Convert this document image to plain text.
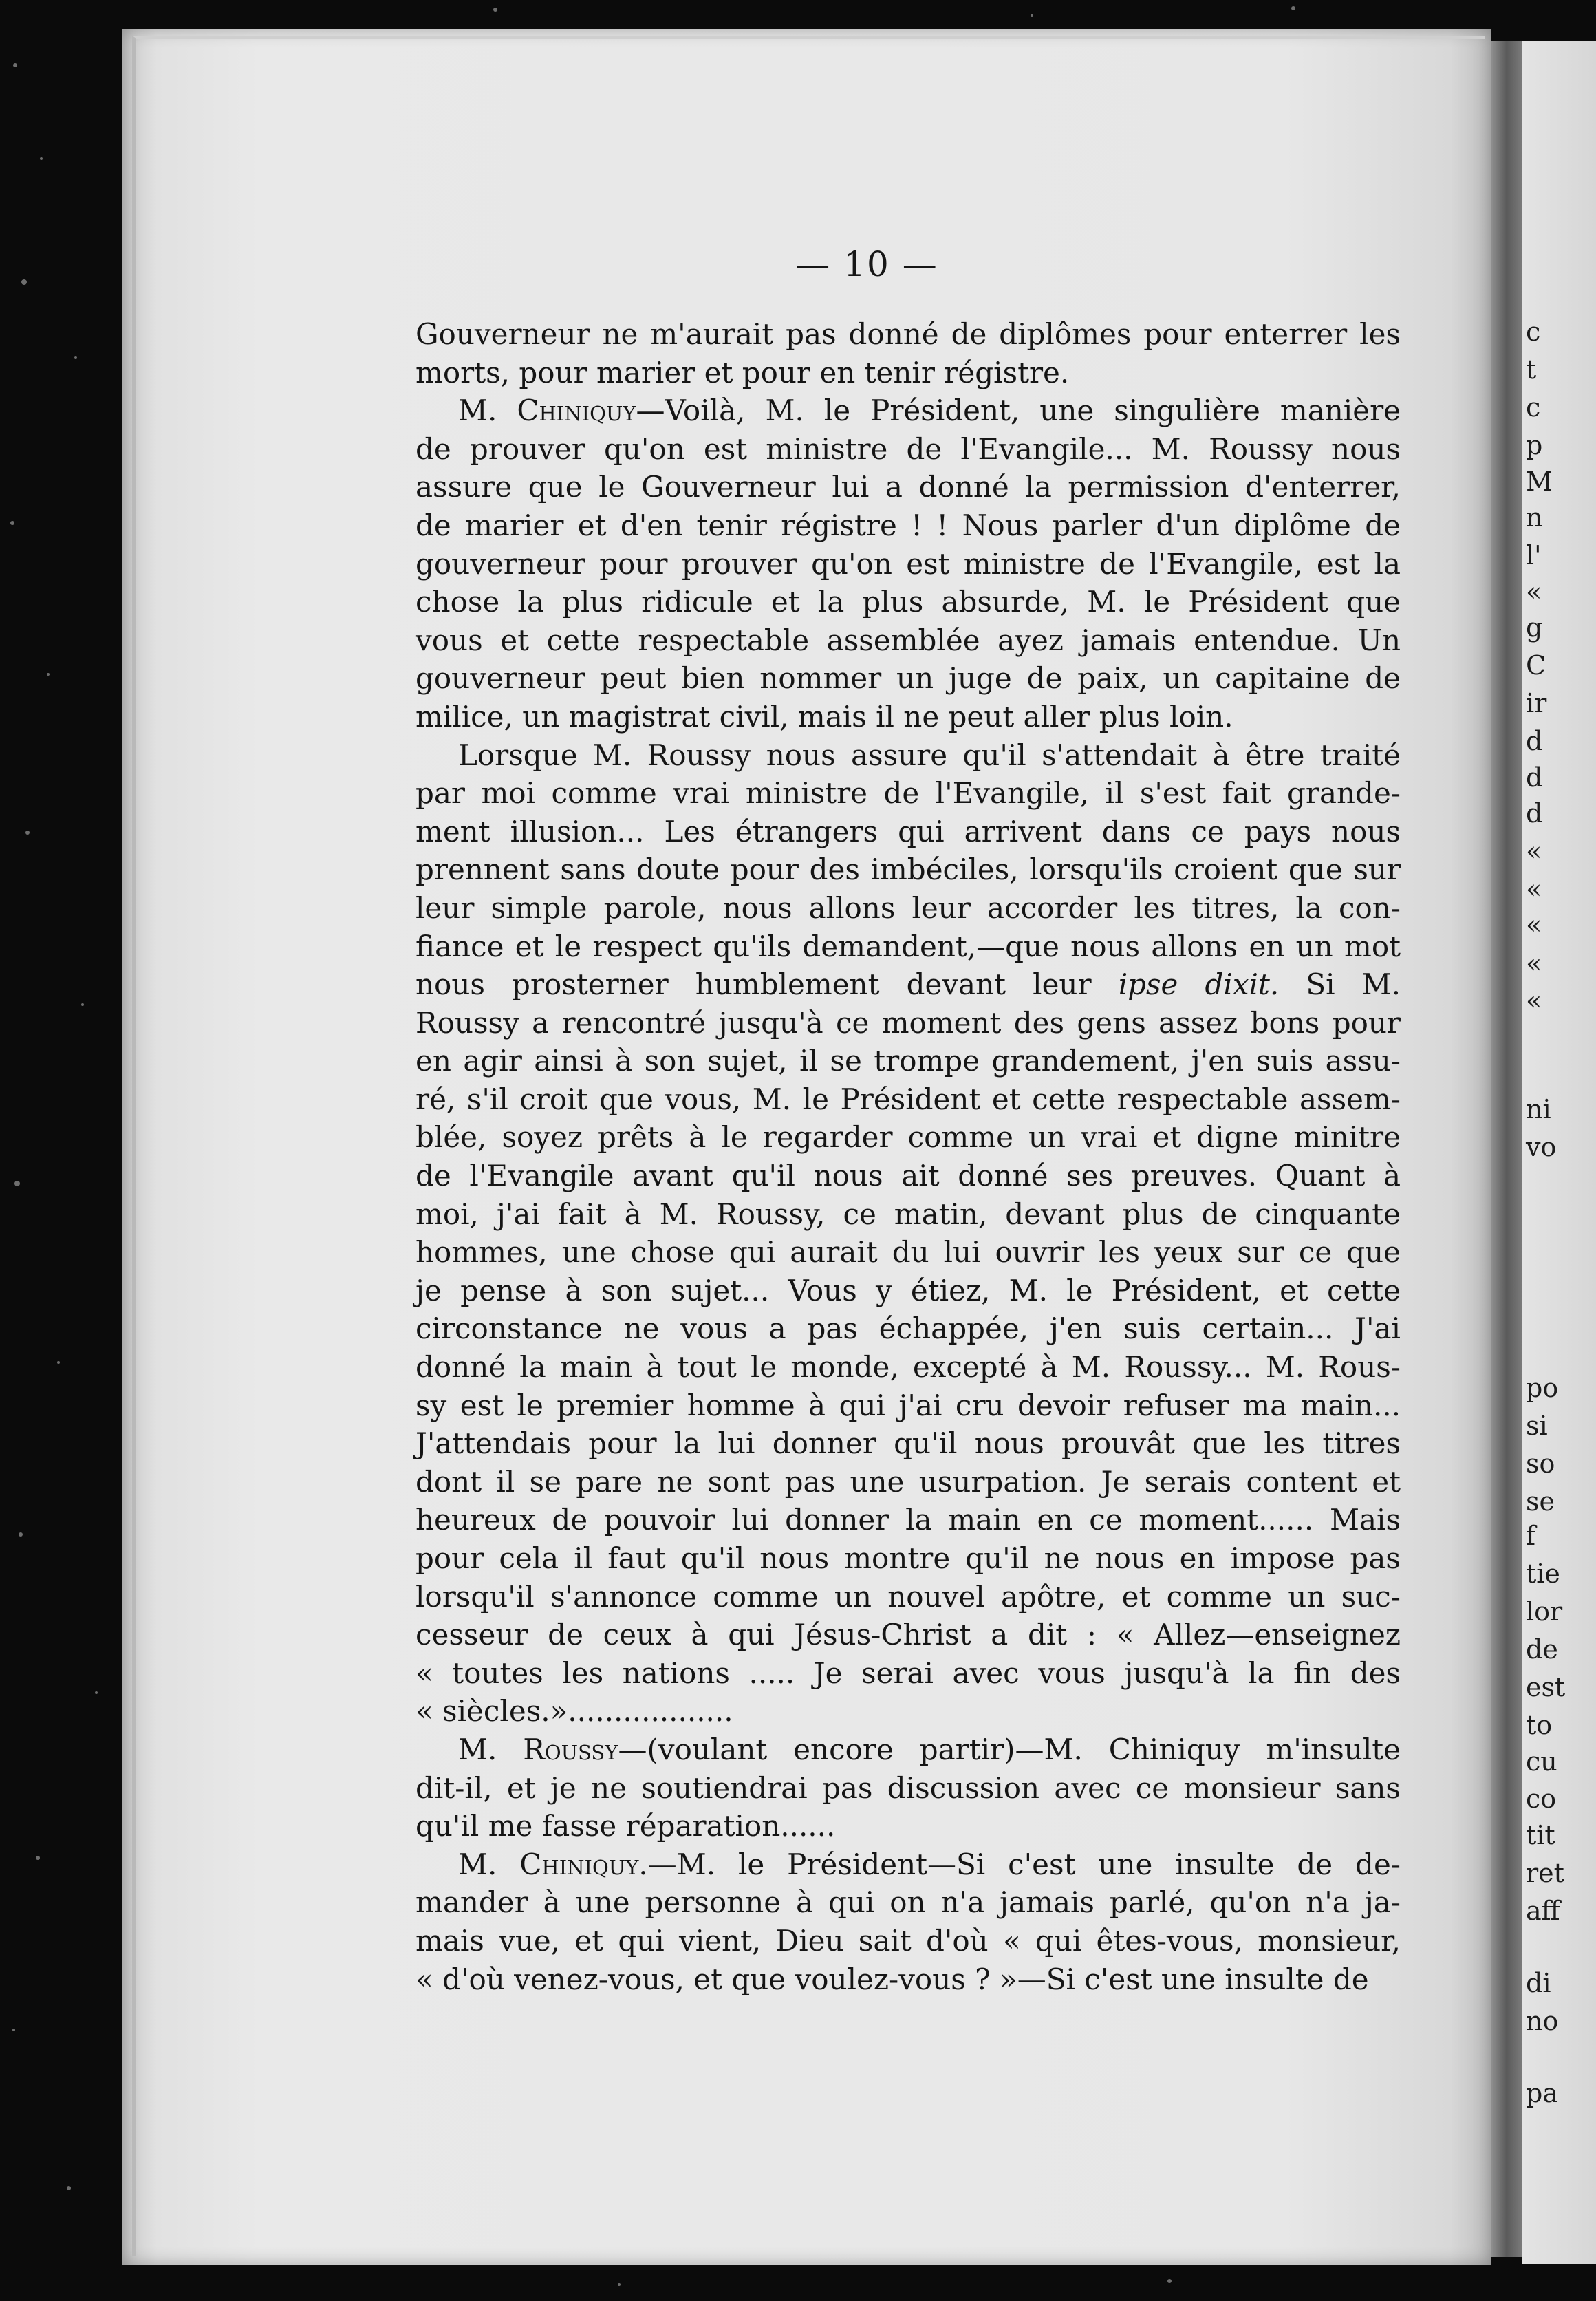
c
t
c
p
M
n
l'
«
g
C
ir
d
d
d
«
«
«
«
«
ni
vo
po
si
so
se
f
tie
lor
de
est
to
cu
co
tit
ret
aff
di
no
pa
— 10 —
Gouverneur ne m'aurait pas donné de diplômes pour enterrer les
morts, pour marier et pour en tenir régistre.
M. Chiniquy—Voilà, M. le Président, une singulière manière
de prouver qu'on est ministre de l'Evangile... M. Roussy nous
assure que le Gouverneur lui a donné la permission d'enterrer,
de marier et d'en tenir régistre ! ! Nous parler d'un diplôme de
gouverneur pour prouver qu'on est ministre de l'Evangile, est la
chose la plus ridicule et la plus absurde, M. le Président que
vous et cette respectable assemblée ayez jamais entendue. Un
gouverneur peut bien nommer un juge de paix, un capitaine de
milice, un magistrat civil, mais il ne peut aller plus loin.
Lorsque M. Roussy nous assure qu'il s'attendait à être traité
par moi comme vrai ministre de l'Evangile, il s'est fait grande-
ment illusion... Les étrangers qui arrivent dans ce pays nous
prennent sans doute pour des imbéciles, lorsqu'ils croient que sur
leur simple parole, nous allons leur accorder les titres, la con-
fiance et le respect qu'ils demandent,—que nous allons en un mot
nous prosterner humblement devant leur ipse dixit. Si M.
Roussy a rencontré jusqu'à ce moment des gens assez bons pour
en agir ainsi à son sujet, il se trompe grandement, j'en suis assu-
ré, s'il croit que vous, M. le Président et cette respectable assem-
blée, soyez prêts à le regarder comme un vrai et digne minitre
de l'Evangile avant qu'il nous ait donné ses preuves. Quant à
moi, j'ai fait à M. Roussy, ce matin, devant plus de cinquante
hommes, une chose qui aurait du lui ouvrir les yeux sur ce que
je pense à son sujet... Vous y étiez, M. le Président, et cette
circonstance ne vous a pas échappée, j'en suis certain... J'ai
donné la main à tout le monde, excepté à M. Roussy... M. Rous-
sy est le premier homme à qui j'ai cru devoir refuser ma main...
J'attendais pour la lui donner qu'il nous prouvât que les titres
dont il se pare ne sont pas une usurpation. Je serais content et
heureux de pouvoir lui donner la main en ce moment...... Mais
pour cela il faut qu'il nous montre qu'il ne nous en impose pas
lorsqu'il s'annonce comme un nouvel apôtre, et comme un suc-
cesseur de ceux à qui Jésus-Christ a dit : « Allez—enseignez
« toutes les nations ..... Je serai avec vous jusqu'à la fin des
« siècles.»..................
M. Roussy—(voulant encore partir)—M. Chiniquy m'insulte
dit-il, et je ne soutiendrai pas discussion avec ce monsieur sans
qu'il me fasse réparation......
M. Chiniquy.—M. le Président—Si c'est une insulte de de-
mander à une personne à qui on n'a jamais parlé, qu'on n'a ja-
mais vue, et qui vient, Dieu sait d'où « qui êtes-vous, monsieur,
« d'où venez-vous, et que voulez-vous ? »—Si c'est une insulte de
